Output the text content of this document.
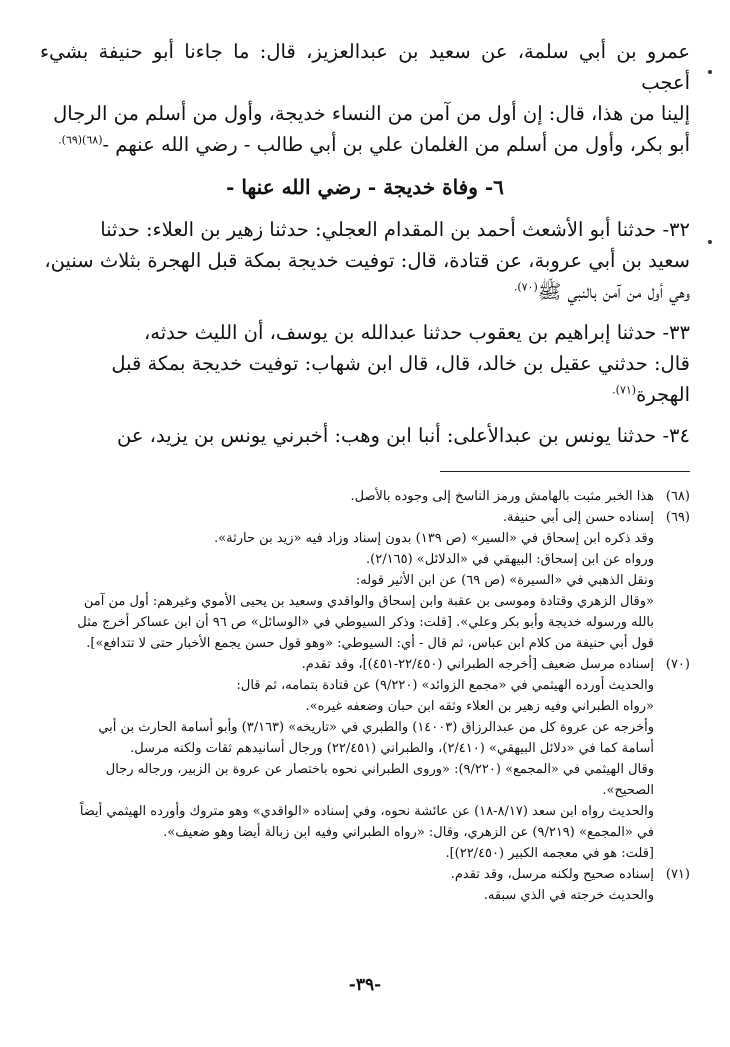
عمرو بن أبي سلمة، عن سعيد بن عبدالعزيز، قال: ما جاءنا أبو حنيفة بشيء أعجب

إلينا من هذا، قال: إن أول من آمن من النساء خديجة، وأول من أسلم من الرجال

أبو بكر، وأول من أسلم من الغلمان علي بن أبي طالب - رضي الله عنهم -$^{(٦٨)(٦٩).}$

٦- وفاة خديجة - رضي الله عنها -

٣٢- حدثنا أبو الأشعث أحمد بن المقدام العجلي: حدثنا زهير بن العلاء: حدثنا

سعيد بن أبي عروبة، عن قتادة، قال: توفيت خديجة بمكة قبل الهجرة بثلاث سنين،

وهي أول من آمن بالنبي ﷺ$^{(٧٠).}$

٣٣- حدثنا إبراهيم بن يعقوب حدثنا عبدالله بن يوسف، أن الليث حدثه،

قال: حدثني عقيل بن خالد، قال، قال ابن شهاب: توفيت خديجة بمكة قبل

الهجرة$^{(٧١).}$

٣٤- حدثنا يونس بن عبدالأعلى: أنبا ابن وهب: أخبرني يونس بن يزيد، عن

(٦٨)
هذا الخبر مثبت بالهامش ورمز الناسخ إلى وجوده بالأصل.
(٦٩)
إسناده حسن إلى أبي حنيفة.
وقد ذكره ابن إسحاق في «السير» (ص ١٣٩) بدون إسناد وزاد فيه «زيد بن حارثة».
ورواه عن ابن إسحاق: البيهقي في «الدلائل» (٢/١٦٥).
ونقل الذهبي في «السيرة» (ص ٦٩) عن ابن الأثير قوله:
«وقال الزهري وقتادة وموسى بن عقبة وابن إسحاق والواقدي وسعيد بن يحيى الأموي وغيرهم: أول من آمن
بالله ورسوله خديجة وأبو بكر وعلي». [قلت: وذكر السيوطي في «الوسائل» ص ٩٦ أن ابن عساكر أخرج مثل
قول أبي حنيفة من كلام ابن عباس، ثم قال - أي: السيوطي: «وهو قول حسن يجمع الأخبار حتى لا تتدافع»].
(٧٠)
إسناده مرسل ضعيف [أخرجه الطبراني (٢٢/٤٥٠-٤٥١)]، وقد تقدم.
والحديث أورده الهيثمي في «مجمع الزوائد» (٩/٢٢٠) عن قتادة بتمامه، ثم قال:
«رواه الطبراني وفيه زهير بن العلاء وثقه ابن حبان وضعفه غيره».
وأخرجه عن عروة كل من عبدالرزاق (١٤٠٠٣) والطبري في «تاريخه» (٣/١٦٣) وأبو أسامة الحارث بن أبي
أسامة كما في «دلائل البيهقي» (٢/٤١٠)، والطبراني (٢٢/٤٥١) ورجال أسانيدهم ثقات ولكنه مرسل.
وقال الهيثمي في «المجمع» (٩/٢٢٠): «وروى الطبراني نحوه باختصار عن عروة بن الزبير، ورجاله رجال
الصحيح».
والحديث رواه ابن سعد (٨/١٧-١٨) عن عائشة نحوه، وفي إسناده «الواقدي» وهو متروك وأورده الهيثمي أيضاً
في «المجمع» (٩/٢١٩) عن الزهري، وقال: «رواه الطبراني وفيه ابن زبالة أيضا وهو ضعيف».
[قلت: هو في معجمه الكبير (٢٢/٤٥٠)].
(٧١)
إسناده صحيح ولكنه مرسل، وقد تقدم.
والحديث خرجته في الذي سبقه.
-٣٩-
